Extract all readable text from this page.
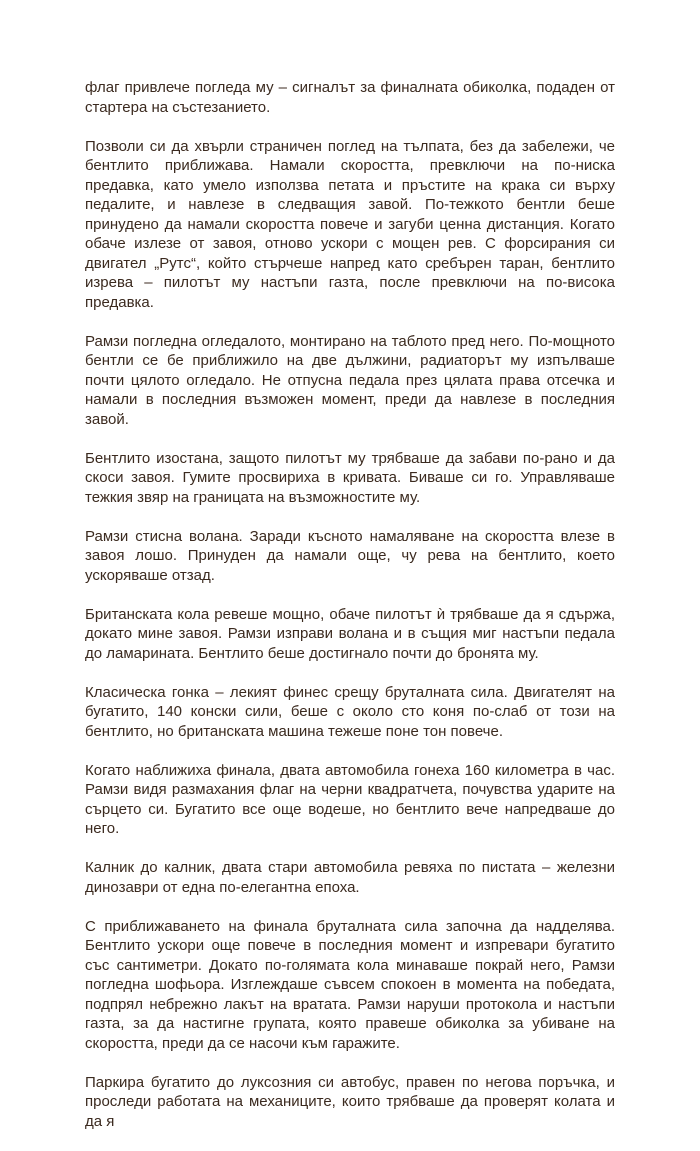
флаг привлече погледа му – сигналът за финалната обиколка, подаден от стартера на състезанието.

Позволи си да хвърли страничен поглед на тълпата, без да забележи, че бентлито приближава. Намали скоростта, превключи на по-ниска предавка, като умело използва петата и пръстите на крака си върху педалите, и навлезе в следващия завой. По-тежкото бентли беше принудено да намали скоростта повече и загуби ценна дистанция. Когато обаче излезе от завоя, отново ускори с мощен рев. С форсирания си двигател „Рутс“, който стърчеше напред като сребърен таран, бентлито изрева – пилотът му настъпи газта, после превключи на по-висока предавка.

Рамзи погледна огледалото, монтирано на таблото пред него. По-мощното бентли се бе приближило на две дължини, радиаторът му изпълваше почти цялото огледало. Не отпусна педала през цялата права отсечка и намали в последния възможен момент, преди да навлезе в последния завой.

Бентлито изостана, защото пилотът му трябваше да забави по-рано и да скоси завоя. Гумите просвириха в кривата. Биваше си го. Управляваше тежкия звяр на границата на възможностите му.

Рамзи стисна волана. Заради късното намаляване на скоростта влезе в завоя лошо. Принуден да намали още, чу рева на бентлито, което ускоряваше отзад.

Британската кола ревеше мощно, обаче пилотът ѝ трябваше да я сдържа, докато мине завоя. Рамзи изправи волана и в същия миг настъпи педала до ламарината. Бентлито беше достигнало почти до бронята му.

Класическа гонка – лекият финес срещу бруталната сила. Двигателят на бугатито, 140 конски сили, беше с около сто коня по-слаб от този на бентлито, но британската машина тежеше поне тон повече.

Когато наближиха финала, двата автомобила гонеха 160 километра в час. Рамзи видя размахания флаг на черни квадратчета, почувства ударите на сърцето си. Бугатито все още водеше, но бентлито вече напредваше до него.

Калник до калник, двата стари автомобила ревяха по пистата – железни динозаври от една по-елегантна епоха.

С приближаването на финала бруталната сила започна да надделява. Бентлито ускори още повече в последния момент и изпревари бугатито със сантиметри. Докато по-голямата кола минаваше покрай него, Рамзи погледна шофьора. Изглеждаше съвсем спокоен в момента на победата, подпрял небрежно лакът на вратата. Рамзи наруши протокола и настъпи газта, за да настигне групата, която правеше обиколка за убиване на скоростта, преди да се насочи към гаражите.

Паркира бугатито до луксозния си автобус, правен по негова поръчка, и проследи работата на механиците, които трябваше да проверят колата и да я
